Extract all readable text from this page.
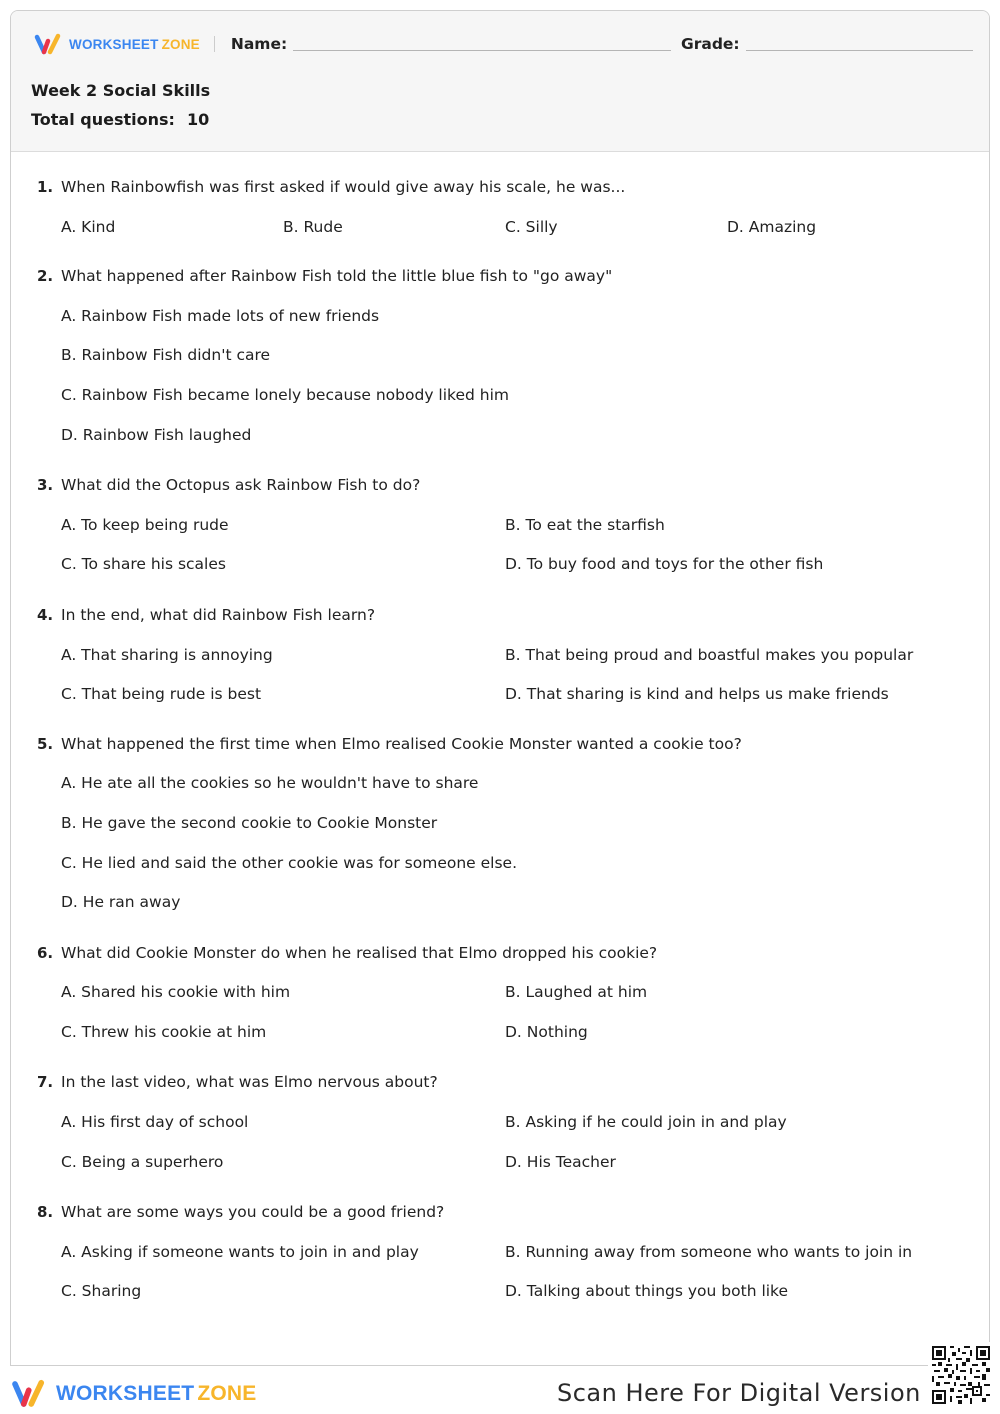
WORKSHEET ZONE Name:	Grade:
Week 2 Social Skills
Total questions: 10
1. When Rainbowfish was first asked if would give away his scale, he was...
A. Kind	B. Rude	C. Silly	D. Amazing
2. What happened after Rainbow Fish told the little blue fish to "go away"
A. Rainbow Fish made lots of new friends
B. Rainbow Fish didn't care
C. Rainbow Fish became lonely because nobody liked him
D. Rainbow Fish laughed
3. What did the Octopus ask Rainbow Fish to do?
A. To keep being rude	B. To eat the starfish
C. To share his scales	D. To buy food and toys for the other fish
4. In the end, what did Rainbow Fish learn?
A. That sharing is annoying	B. That being proud and boastful makes you popular
C. That being rude is best	D. That sharing is kind and helps us make friends
5. What happened the first time when Elmo realised Cookie Monster wanted a cookie too?
A. He ate all the cookies so he wouldn't have to share
B. He gave the second cookie to Cookie Monster
C. He lied and said the other cookie was for someone else.
D. He ran away
6. What did Cookie Monster do when he realised that Elmo dropped his cookie?
A. Shared his cookie with him	B. Laughed at him
C. Threw his cookie at him	D. Nothing
7. In the last video, what was Elmo nervous about?
A. His first day of school	B. Asking if he could join in and play
C. Being a superhero	D. His Teacher
8. What are some ways you could be a good friend?
A. Asking if someone wants to join in and play	B. Running away from someone who wants to join in
C. Sharing	D. Talking about things you both like
WORKSHEET ZONE	Scan Here For Digital Version
